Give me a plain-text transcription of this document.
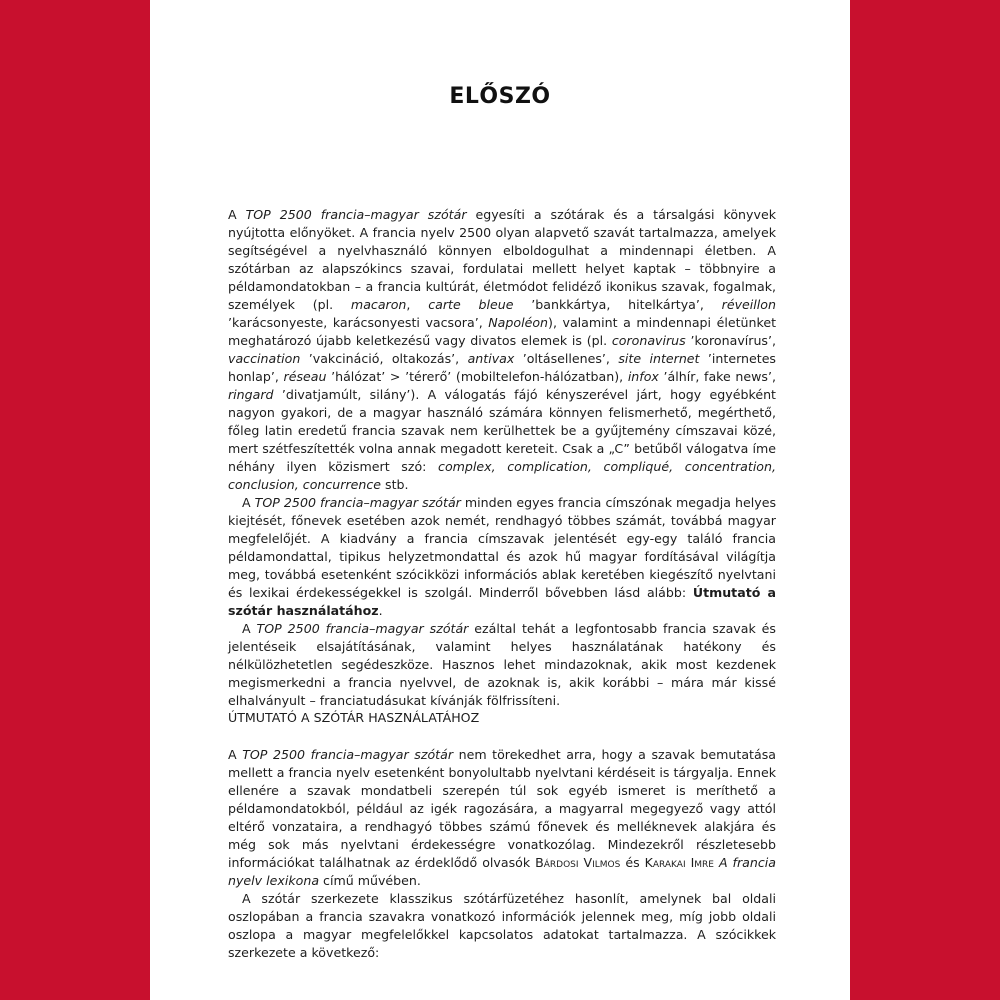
ELŐSZÓ

A TOP 2500 francia–magyar szótár egyesíti a szótárak és a társalgási könyvek nyújtotta előnyöket. A francia nyelv 2500 olyan alapvető szavát tartalmazza, amelyek segítségével a nyelvhasználó könnyen elboldogulhat a mindennapi életben. A szótárban az alapszókincs szavai, fordulatai mellett helyet kaptak – többnyire a példamondatokban – a francia kultúrát, életmódot felidéző ikonikus szavak, fogalmak, személyek (pl. macaron, carte bleue ’bankkártya, hitelkártya’, réveillon ’karácsonyeste, karácsonyesti vacsora’, Napoléon), valamint a mindennapi életünket meghatározó újabb keletkezésű vagy divatos elemek is (pl. coronavirus ’koronavírus’, vaccination ’vakcináció, oltakozás’, antivax ’oltásellenes’, site internet ’internetes honlap’, réseau ’hálózat’ > ’térerő’ (mobiltelefon-hálózatban), infox ’álhír, fake news’, ringard ’divatjamúlt, silány’). A válogatás fájó kényszerével járt, hogy egyébként nagyon gyakori, de a magyar használó számára könnyen felismerhető, megérthető, főleg latin eredetű francia szavak nem kerülhettek be a gyűjtemény címszavai közé, mert szétfeszítették volna annak megadott kereteit. Csak a „C” betűből válogatva íme néhány ilyen közismert szó: complex, complication, compliqué, concentration, conclusion, concurrence stb.

A TOP 2500 francia–magyar szótár minden egyes francia címszónak megadja helyes kiejtését, főnevek esetében azok nemét, rendhagyó többes számát, továbbá magyar megfelelőjét. A kiadvány a francia címszavak jelentését egy-egy találó francia példamondattal, tipikus helyzetmondattal és azok hű magyar fordításával világítja meg, továbbá esetenként szócikközi információs ablak keretében kiegészítő nyelvtani és lexikai érdekességekkel is szolgál. Minderről bővebben lásd alább: Útmutató a szótár használatához.

A TOP 2500 francia–magyar szótár ezáltal tehát a legfontosabb francia szavak és jelentéseik elsajátításának, valamint helyes használatának hatékony és nélkülözhetetlen segédeszköze. Hasznos lehet mindazoknak, akik most kezdenek megismerkedni a francia nyelvvel, de azoknak is, akik korábbi – mára már kissé elhalványult – franciatudásukat kívánják fölfrissíteni.

ÚTMUTATÓ A SZÓTÁR HASZNÁLATÁHOZ

A TOP 2500 francia–magyar szótár nem törekedhet arra, hogy a szavak bemutatása mellett a francia nyelv esetenként bonyolultabb nyelvtani kérdéseit is tárgyalja. Ennek ellenére a szavak mondatbeli szerepén túl sok egyéb ismeret is meríthető a példamondatokból, például az igék ragozására, a magyarral megegyező vagy attól eltérő vonzataira, a rendhagyó többes számú főnevek és melléknevek alakjára és még sok más nyelvtani érdekességre vonatkozólag. Mindezekről részletesebb információkat találhatnak az érdeklődő olvasók Bárdosi Vilmos és Karakai Imre A francia nyelv lexikona című művében.

A szótár szerkezete klasszikus szótárfüzetéhez hasonlít, amelynek bal oldali oszlopában a francia szavakra vonatkozó információk jelennek meg, míg jobb oldali oszlopa a magyar megfelelőkkel kapcsolatos adatokat tartalmazza. A szócikkek szerkezete a következő:
